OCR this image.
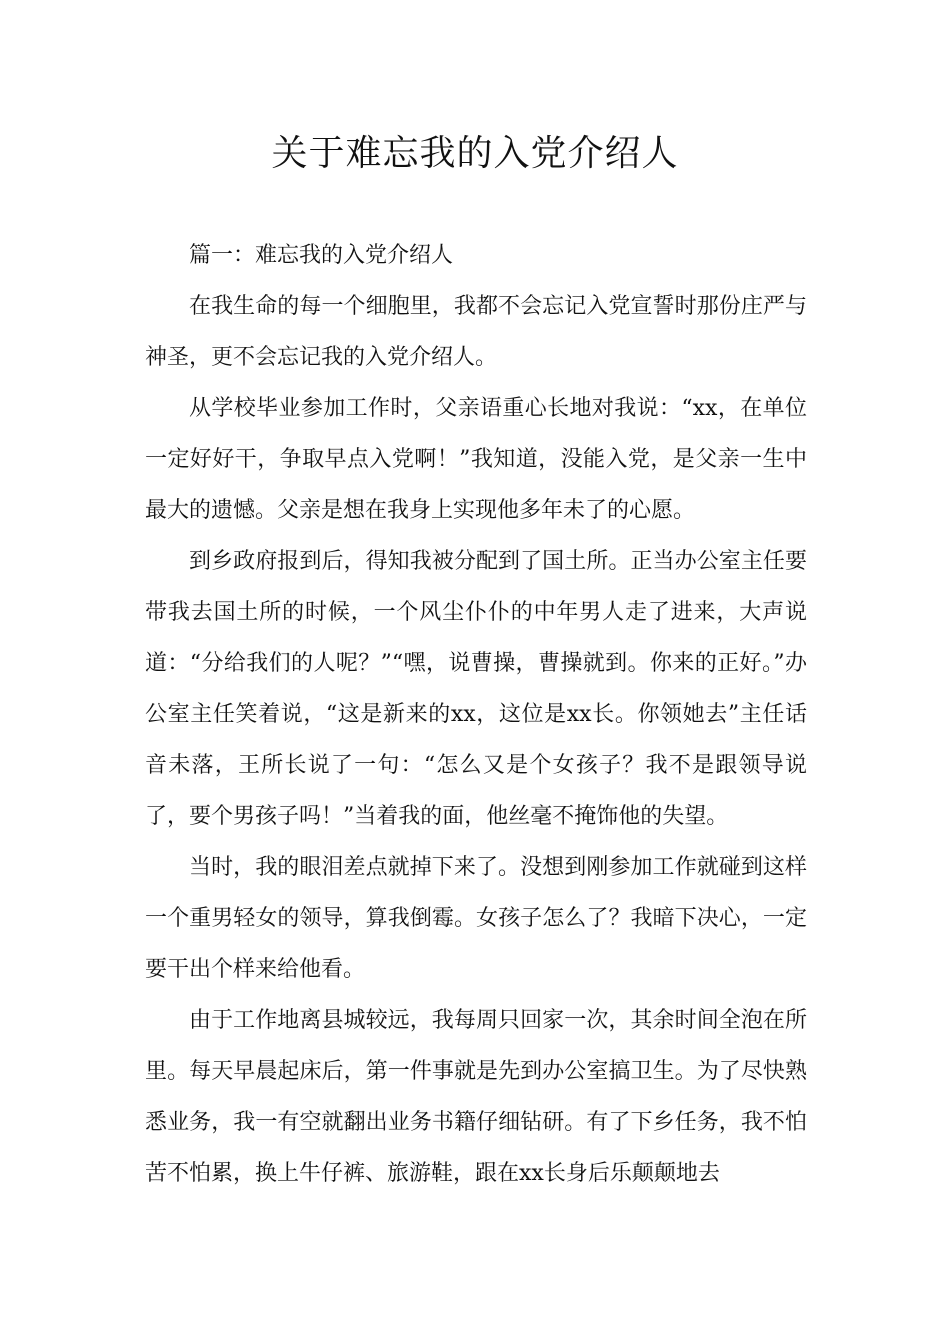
关于难忘我的入党介绍人

篇一：难忘我的入党介绍人

在我生命的每一个细胞里，我都不会忘记入党宣誓时那份庄严与神圣，更不会忘记我的入党介绍人。

从学校毕业参加工作时，父亲语重心长地对我说：“xx，在单位一定好好干，争取早点入党啊！”我知道，没能入党，是父亲一生中最大的遗憾。父亲是想在我身上实现他多年未了的心愿。

到乡政府报到后，得知我被分配到了国土所。正当办公室主任要带我去国土所的时候，一个风尘仆仆的中年男人走了进来，大声说道：“分给我们的人呢？”“嘿，说曹操，曹操就到。你来的正好。”办公室主任笑着说，“这是新来的xx，这位是xx长。你领她去”主任话音未落，王所长说了一句：“怎么又是个女孩子？我不是跟领导说了，要个男孩子吗！”当着我的面，他丝毫不掩饰他的失望。

当时，我的眼泪差点就掉下来了。没想到刚参加工作就碰到这样一个重男轻女的领导，算我倒霉。女孩子怎么了？我暗下决心，一定要干出个样来给他看。

由于工作地离县城较远，我每周只回家一次，其余时间全泡在所里。每天早晨起床后，第一件事就是先到办公室搞卫生。为了尽快熟悉业务，我一有空就翻出业务书籍仔细钻研。有了下乡任务，我不怕苦不怕累，换上牛仔裤、旅游鞋，跟在xx长身后乐颠颠地去
